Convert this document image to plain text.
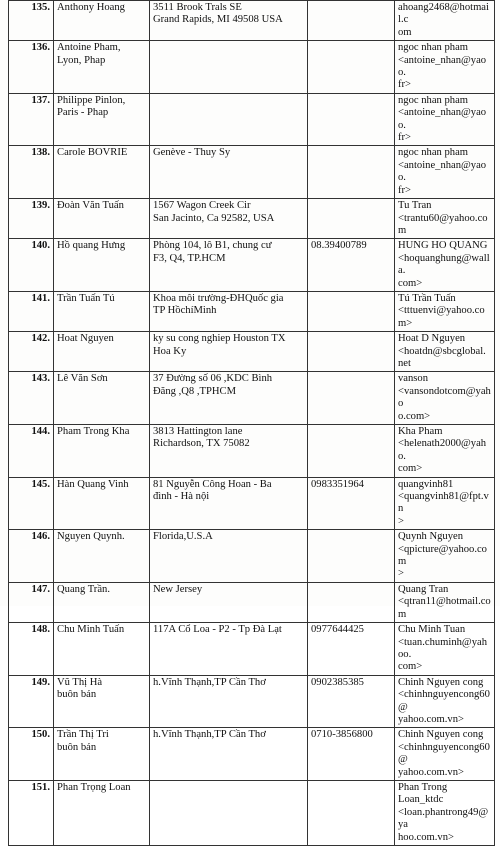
135.	Anthony Hoang	3511 Brook Trals SE
Grand Rapids, MI 49508 USA		ahoang2468@hotmail.c
om
136.	Antoine Pham,
Lyon, Phap			ngoc nhan pham
<antoine_nhan@yaoo.
fr>
137.	Philippe Pinlon,
Paris - Phap			ngoc nhan pham
<antoine_nhan@yaoo.
fr>
138.	Carole BOVRIE	Genève - Thuy Sy		ngoc nhan pham
<antoine_nhan@yaoo.
fr>
139.	Đoàn Văn Tuấn	1567 Wagon Creek Cir
San Jacinto, Ca 92582, USA		Tu Tran
<trantu60@yahoo.com
140.	Hồ quang Hưng	Phòng 104, lô B1, chung cư
F3, Q4, TP.HCM	08.39400789	HUNG HO QUANG
<hoquanghung@walla.
com>
141.	Trần Tuấn Tú	Khoa môi trường-ĐHQuốc gia
TP HồchíMinh		Tú Trần Tuấn
<tttuenvi@yahoo.com>
142.	Hoat Nguyen	ky su cong nghiep Houston TX
Hoa Ky		Hoat D Nguyen
<hoatdn@sbcglobal.net
143.	Lê Văn Sơn	37 Đường số 06 ,KDC Bình
Đăng ,Q8 ,TPHCM		vanson
<vansondotcom@yaho
o.com>
144.	Pham Trong Kha	3813 Hattington lane
Richardson, TX 75082		Kha Pham
<helenath2000@yaho.
com>
145.	Hàn Quang Vinh	81 Nguyễn Công Hoan - Ba
đình - Hà nội	0983351964	quangvinh81
<quangvinh81@fpt.vn
>
146.	Nguyen Quynh.	Florida,U.S.A		Quynh Nguyen
<qpicture@yahoo.com
>
147.	Quang Trần.	New Jersey		Quang Tran
<qtran11@hotmail.com
148.	Chu Minh Tuấn	117A Cổ Loa - P2 - Tp Đà Lạt	0977644425	Chu Minh Tuan
<tuan.chuminh@yahoo.
com>
149.	Vũ Thị Hà
buôn bán	h.Vĩnh Thạnh,TP Cần Thơ	0902385385	Chinh Nguyen cong
<chinhnguyencong60@
yahoo.com.vn>
150.	Trần Thị Tri
buôn bán	h.Vĩnh Thạnh,TP Cần Thơ	0710-3856800	Chinh Nguyen cong
<chinhnguyencong60@
yahoo.com.vn>
151.	Phan Trọng Loan			Phan Trong Loan_ktdc
<loan.phantrong49@ya
hoo.com.vn>
